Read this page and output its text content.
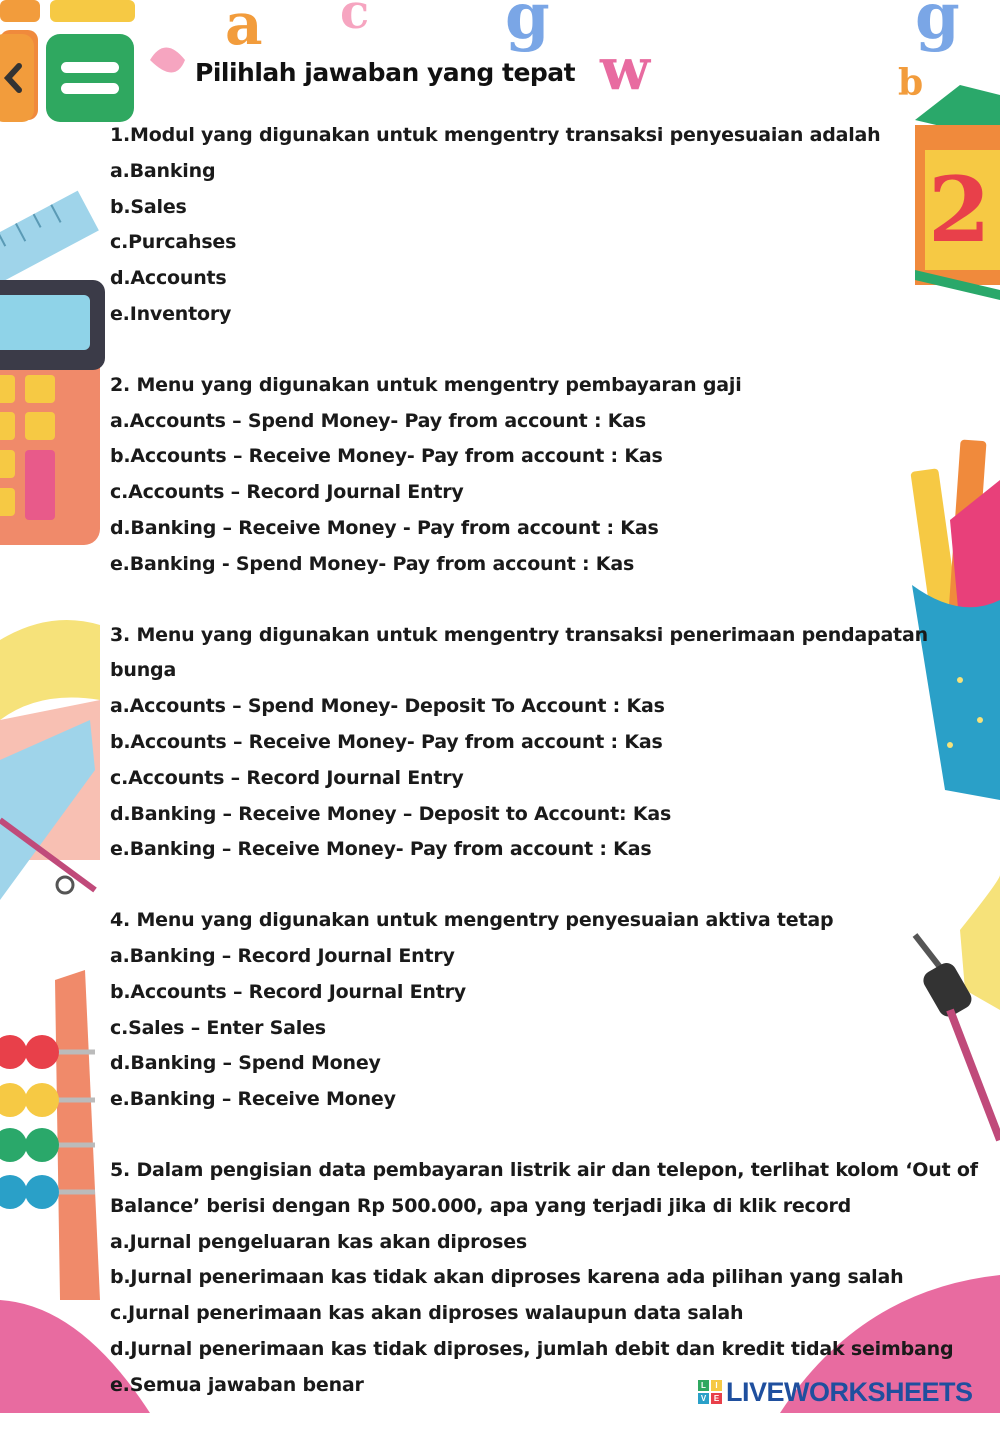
a c g
w
g
b
2
Pilihlah jawaban yang tepat

1.Modul yang digunakan untuk mengentry transaksi penyesuaian adalah

a.Banking

b.Sales

c.Purcahses

d.Accounts

e.Inventory

2. Menu yang digunakan untuk mengentry pembayaran gaji

a.Accounts – Spend Money- Pay from account : Kas

b.Accounts – Receive Money- Pay from account : Kas

c.Accounts – Record Journal Entry

d.Banking – Receive Money - Pay from account : Kas

e.Banking - Spend Money- Pay from account : Kas

3. Menu yang digunakan untuk mengentry transaksi penerimaan pendapatan bunga

a.Accounts – Spend Money- Deposit To Account : Kas

b.Accounts – Receive Money- Pay from account : Kas

c.Accounts – Record Journal Entry

d.Banking – Receive Money – Deposit to Account: Kas

e.Banking – Receive Money- Pay from account : Kas

4. Menu yang digunakan untuk mengentry penyesuaian aktiva tetap

a.Banking – Record Journal Entry

b.Accounts – Record Journal Entry

c.Sales – Enter Sales

d.Banking – Spend Money

e.Banking – Receive Money

5. Dalam pengisian data pembayaran listrik air dan telepon, terlihat kolom ‘Out of Balance’ berisi dengan Rp 500.000, apa yang terjadi jika di klik record

a.Jurnal pengeluaran kas akan diproses

b.Jurnal penerimaan kas tidak akan diproses karena ada pilihan yang salah

c.Jurnal penerimaan kas akan diproses walaupun data salah

d.Jurnal penerimaan kas tidak diproses, jumlah debit dan kredit tidak seimbang

e.Semua jawaban benar	L	I
V E LIVEWORKSHEETS
